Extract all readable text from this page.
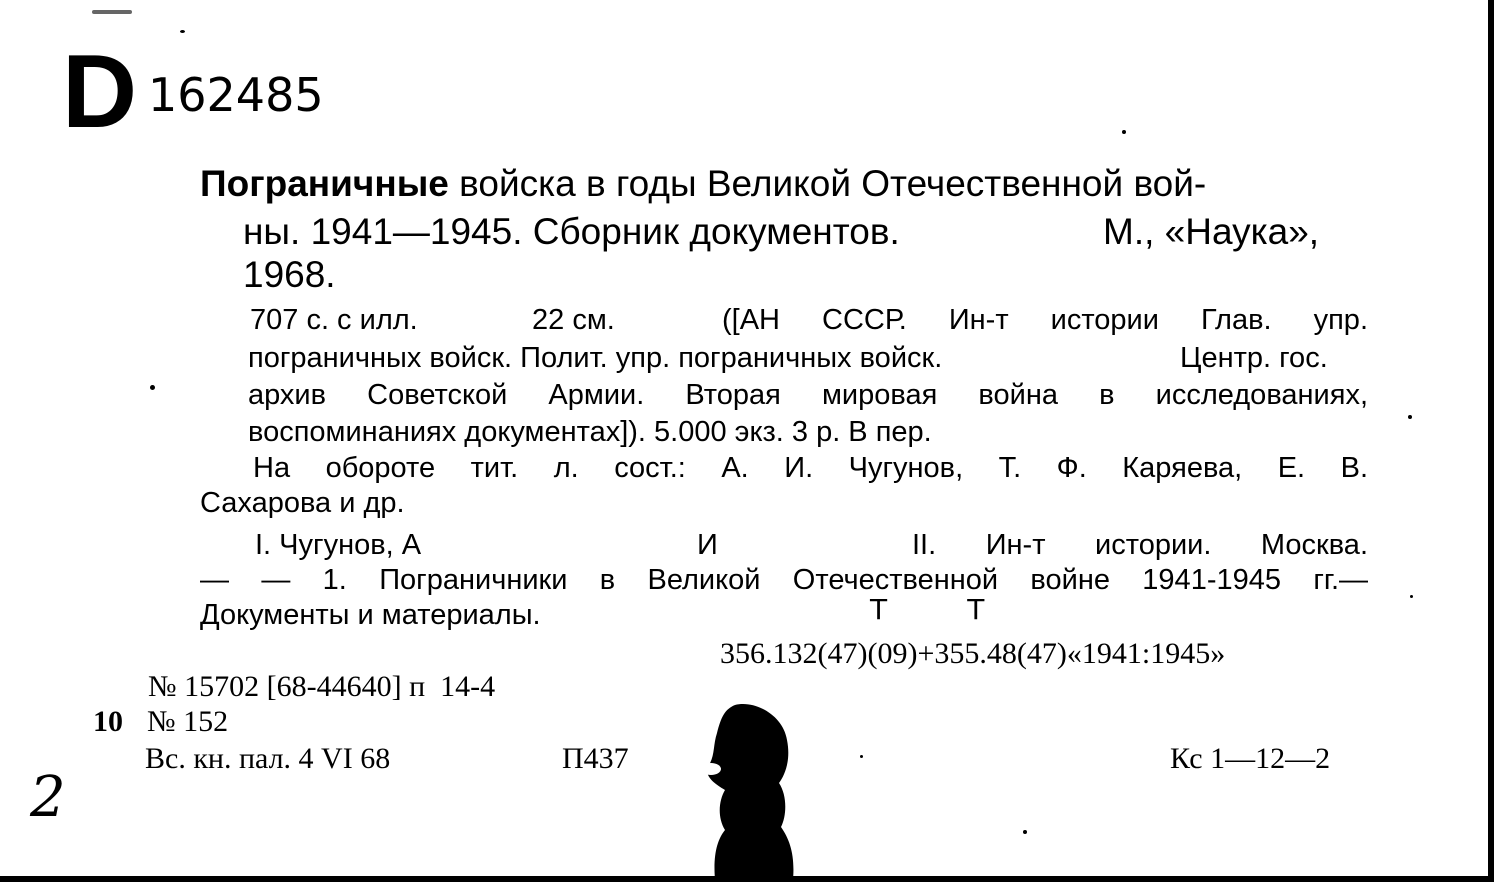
D 162485
Пограничные войска в годы Великой Отечественной вой-
ны. 1941—1945. Сборник документов.	М., «Наука»,
1968.
707 с. с илл.	22 см.	([АН СССР. Ин-т истории Глав. упр.
пограничных войск. Полит. упр. пограничных войск.	Центр. гос.
архив Советской Армии. Вторая мировая война в исследованиях,
воспоминаниях документах]). 5.000 экз. 3 р. В пер.
На обороте тит. л. сост.: А. И. Чугунов, Т. Ф. Каряева, Е. В.
Сахарова и др.
I. Чугунов, А	И	II. Ин-т истории. Москва.
— — 1. Пограничники в Великой Отечественной войне 1941-1945 гг.—
Документы и материалы.	Т         Т
356.132(47)(09)+355.48(47)«1941:1945»
№ 15702 [68-44640] п  14-4
10 № 152
Вс. кн. пал. 4 VI 68	П437	Кс 1—12—2
2
